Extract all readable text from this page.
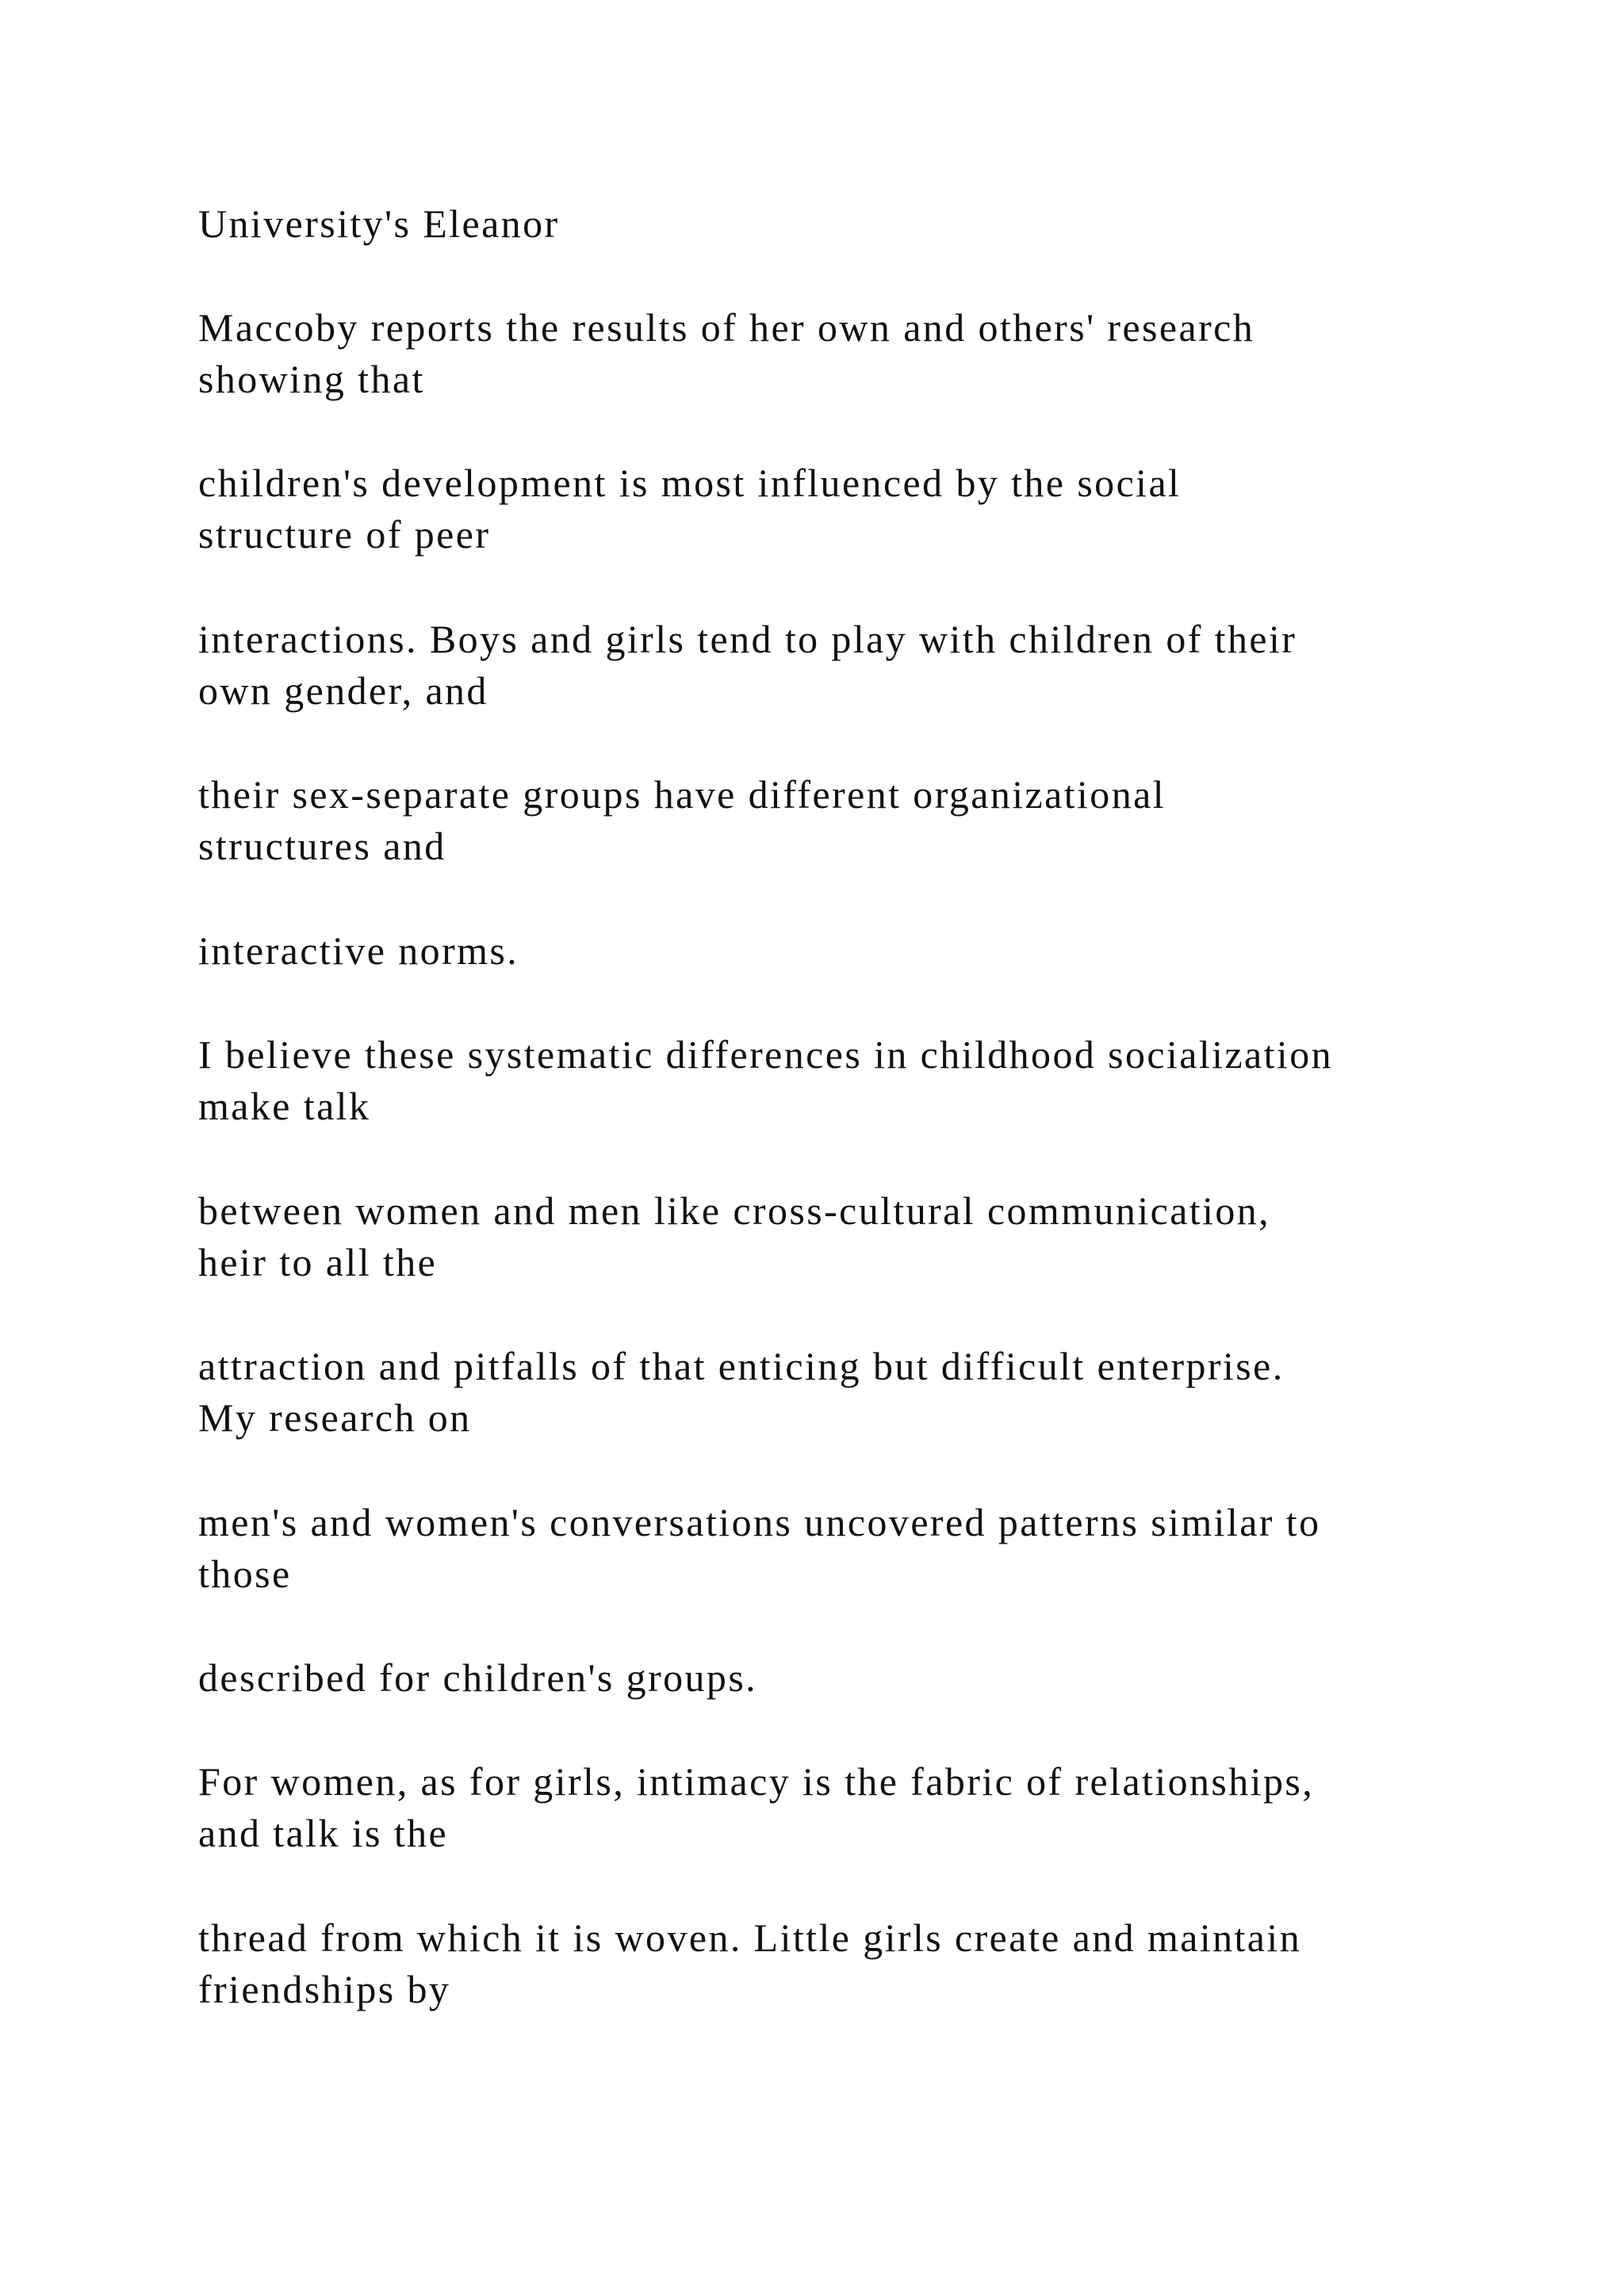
University's Eleanor

Maccoby reports the results of her own and others' research
showing that

children's development is most influenced by the social
structure of peer

interactions. Boys and girls tend to play with children of their
own gender, and

their sex-separate groups have different organizational
structures and

interactive norms.

I believe these systematic differences in childhood socialization
make talk

between women and men like cross-cultural communication,
heir to all the

attraction and pitfalls of that enticing but difficult enterprise.
My research on

men's and women's conversations uncovered patterns similar to
those

described for children's groups.

For women, as for girls, intimacy is the fabric of relationships,
and talk is the

thread from which it is woven. Little girls create and maintain
friendships by
